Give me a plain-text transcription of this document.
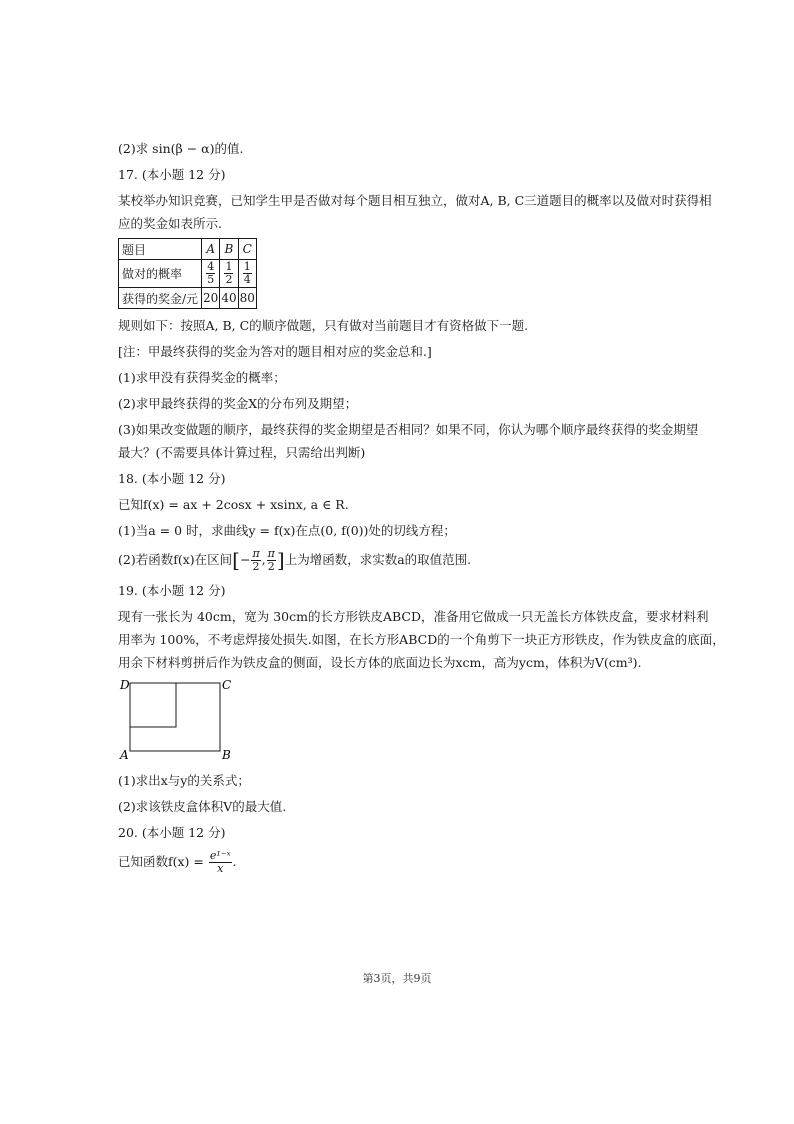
(2)求 sin(β − α)的值.
17. (本小题 12 分)
某校举办知识竞赛，已知学生甲是否做对每个题目相互独立，做对A, B, C三道题目的概率以及做对时获得相
应的奖金如表所示.
题目	A	B	C
做对的概率	$\frac{4}{5}$	$\frac{1}{2}$	$\frac{1}{4}$

获得的奖金/元	20	40	80
规则如下：按照A, B, C的顺序做题，只有做对当前题目才有资格做下一题.
[注：甲最终获得的奖金为答对的题目相对应的奖金总和.]
(1)求甲没有获得奖金的概率；
(2)求甲最终获得的奖金X的分布列及期望；
(3)如果改变做题的顺序，最终获得的奖金期望是否相同？如果不同，你认为哪个顺序最终获得的奖金期望
最大？(不需要具体计算过程，只需给出判断)
18. (本小题 12 分)
已知f(x) = ax + 2cosx + xsinx, a ∈ R.
(1)当a = 0 时，求曲线y = f(x)在点(0, f(0))处的切线方程；
(2)若函数f(x)在区间[− $\frac{\pi}{2}$ , $\frac{\pi}{2}$ ]上为增函数，求实数a的取值范围.
19. (本小题 12 分)
现有一张长为 40cm，宽为 30cm的长方形铁皮ABCD，准备用它做成一只无盖长方体铁皮盒，要求材料利
用率为 100%，不考虑焊接处损失.如图，在长方形ABCD的一个角剪下一块正方形铁皮，作为铁皮盒的底面，
用余下材料剪拼后作为铁皮盒的侧面，设长方体的底面边长为xcm，高为ycm，体积为V(cm³).
D	C
A	B
(1)求出x与y的关系式；
(2)求该铁皮盒体积V的最大值.
20. (本小题 12 分)
已知函数$f(x) = \frac{\text{e¹⁻ˣ}}{x}$ .
第3页，共9页
